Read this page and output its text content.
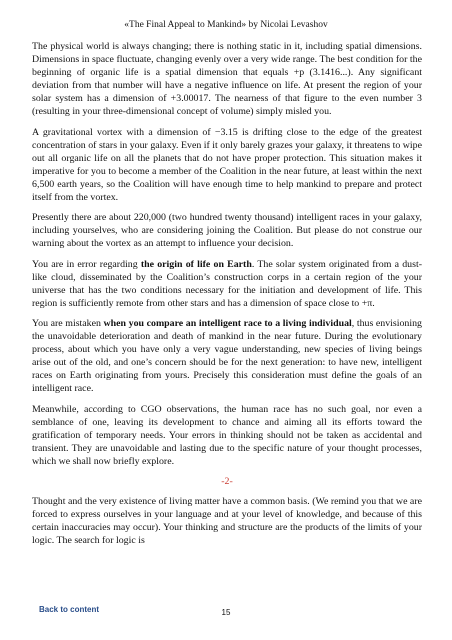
«The Final Appeal to Mankind» by Nicolai Levashov

The physical world is always changing; there is nothing static in it, including spatial dimensions. Dimensions in space fluctuate, changing evenly over a very wide range. The best condition for the beginning of organic life is a spatial dimension that equals +p (3.1416...). Any significant deviation from that number will have a negative influence on life. At present the region of your solar system has a dimension of +3.00017. The nearness of that figure to the even number 3 (resulting in your three-dimensional concept of volume) simply misled you.

A gravitational vortex with a dimension of −3.15 is drifting close to the edge of the greatest concentration of stars in your galaxy. Even if it only barely grazes your galaxy, it threatens to wipe out all organic life on all the planets that do not have proper protection. This situation makes it imperative for you to become a member of the Coalition in the near future, at least within the next 6,500 earth years, so the Coalition will have enough time to help mankind to prepare and protect itself from the vortex.

Presently there are about 220,000 (two hundred twenty thousand) intelligent races in your galaxy, including yourselves, who are considering joining the Coalition. But please do not construe our warning about the vortex as an attempt to influence your decision.

You are in error regarding the origin of life on Earth. The solar system originated from a dust-like cloud, disseminated by the Coalition’s construction corps in a certain region of the your universe that has the two conditions necessary for the initiation and development of life. This region is sufficiently remote from other stars and has a dimension of space close to +π.

You are mistaken when you compare an intelligent race to a living individual, thus envisioning the unavoidable deterioration and death of mankind in the near future. During the evolutionary process, about which you have only a very vague understanding, new species of living beings arise out of the old, and one’s concern should be for the next generation: to have new, intelligent races on Earth originating from yours. Precisely this consideration must define the goals of an intelligent race.

Meanwhile, according to CGO observations, the human race has no such goal, nor even a semblance of one, leaving its development to chance and aiming all its efforts toward the gratification of temporary needs. Your errors in thinking should not be taken as accidental and transient. They are unavoidable and lasting due to the specific nature of your thought processes, which we shall now briefly explore.

-2-

Thought and the very existence of living matter have a common basis. (We remind you that we are forced to express ourselves in your language and at your level of knowledge, and because of this certain inaccuracies may occur). Your thinking and structure are the products of the limits of your logic. The search for logic is

Back to content	15
